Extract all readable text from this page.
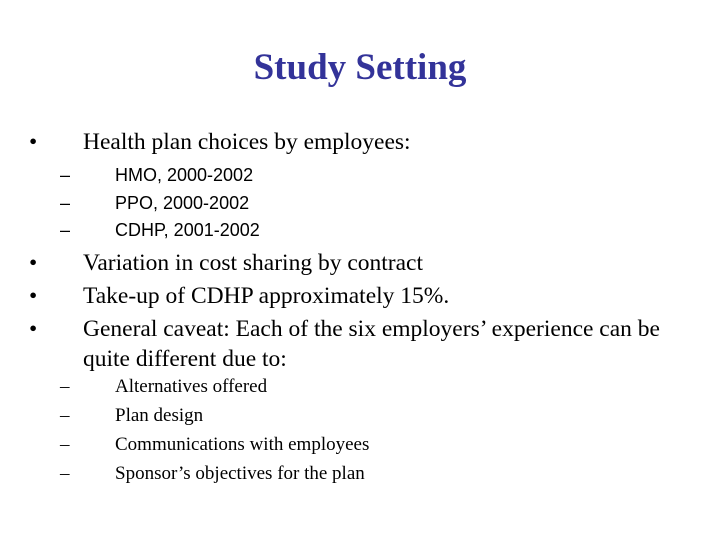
Study Setting
• Health plan choices by employees:
– HMO, 2000-2002
– PPO, 2000-2002
– CDHP, 2001-2002
• Variation in cost sharing by contract
• Take-up of CDHP approximately 15%.
• General caveat: Each of the six employers’ experience can be quite different due to:
– Alternatives offered
– Plan design
– Communications with employees
– Sponsor’s objectives for the plan
